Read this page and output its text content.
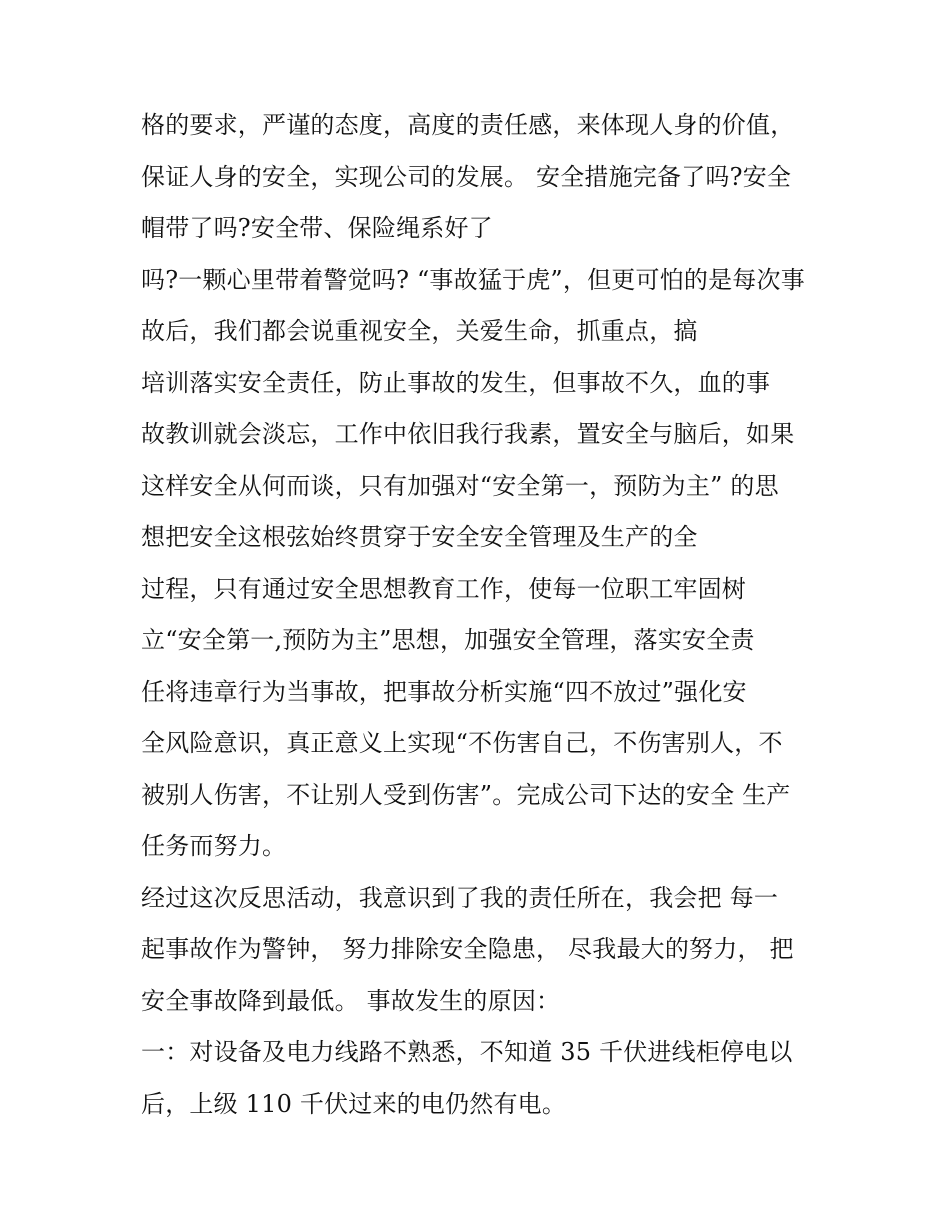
格的要求，严谨的态度，高度的责任感，来体现人身的价值，
保证人身的安全，实现公司的发展。 安全措施完备了吗?安全
帽带了吗?安全带、保险绳系好了
吗?一颗心里带着警觉吗? “事故猛于虎”，但更可怕的是每次事
故后，我们都会说重视安全，关爱生命，抓重点，搞
培训落实安全责任，防止事故的发生，但事故不久，血的事
故教训就会淡忘，工作中依旧我行我素，置安全与脑后，如果
这样安全从何而谈，只有加强对“安全第一，预防为主” 的思
想把安全这根弦始终贯穿于安全安全管理及生产的全
过程，只有通过安全思想教育工作，使每一位职工牢固树
立“安全第一,预防为主”思想，加强安全管理，落实安全责
任将违章行为当事故，把事故分析实施“四不放过”强化安
全风险意识，真正意义上实现“不伤害自己，不伤害别人，不
被别人伤害，不让别人受到伤害”。完成公司下达的安全 生产
任务而努力。
经过这次反思活动，我意识到了我的责任所在，我会把 每一
起事故作为警钟， 努力排除安全隐患， 尽我最大的努力， 把
安全事故降到最低。 事故发生的原因：
一：对设备及电力线路不熟悉，不知道 35 千伏进线柜停电以
后，上级 110 千伏过来的电仍然有电。
